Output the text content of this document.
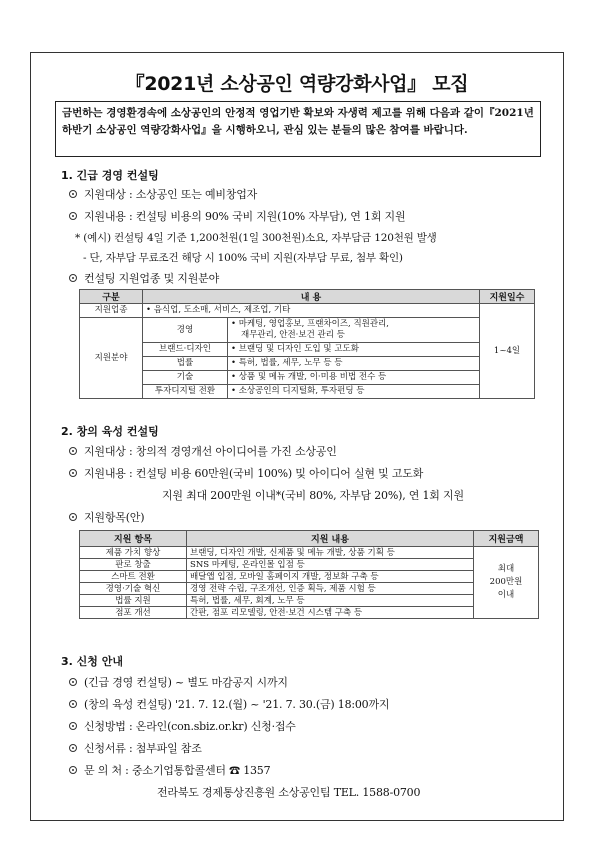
『2021년 소상공인 역량강화사업』 모집
금번하는 경영환경속에 소상공인의 안정적 영업기반 확보와 자생력 제고를 위해 다음과 같이『2021년 하반기 소상공인 역량강화사업』을 시행하오니, 관심 있는 분들의 많은 참여를 바랍니다.
1. 긴급 경영 컨설팅
지원대상 : 소상공인 또는 예비창업자
지원내용 : 컨설팅 비용의 90% 국비 지원(10% 자부담), 연 1회 지원
* (예시) 컨설팅 4일 기준 1,200천원(1일 300천원)소요, 자부담금 120천원 발생
- 단, 자부담 무료조건 해당 시 100% 국비 지원(자부담 무료, 첨부 확인)
컨설팅 지원업종 및 지원분야
구분	내 용		지원일수
지원업종	• 음식업, 도소매, 서비스, 제조업, 기타		1~4일
지원분야	경영	• 마케팅, 영업홍보, 프랜차이즈, 직원관리,
재무관리, 안전·보건 관리 등	
	브랜드·디자인	• 브랜딩 및 디자인 도입 및 고도화	
	법률	• 특허, 법률, 세무, 노무 등 등	
	기술	• 상품 및 메뉴 개발, 이·미용 비법 전수 등	
	투자디지털 전환	• 소상공인의 디지털화, 투자펀딩 등	
2. 창의 육성 컨설팅
지원대상 : 창의적 경영개선 아이디어를 가진 소상공인
지원내용 : 컨설팅 비용 60만원(국비 100%) 및 아이디어 실현 및 고도화
지원 최대 200만원 이내*(국비 80%, 자부담 20%), 연 1회 지원
지원항목(안)
지원 항목	지원 내용	지원금액
제품 가치 향상	브랜딩, 디자인 개발, 신제품 및 메뉴 개발, 상품 기획 등	최대
200만원
이내
판로 창출	SNS 마케팅, 온라인몰 입점 등	
스마트 전환	배달앱 입점, 모바일 홈페이지 개발, 정보화 구축 등	
경영·기술 혁신	경영 전략 수립, 구조개선, 인증 획득, 제품 시험 등	
법률 지원	특허, 법률, 세무, 회계, 노무 등	
점포 개선	간판, 점포 리모델링, 안전·보건 시스템 구축 등	
3. 신청 안내
(긴급 경영 컨설팅) ~ 별도 마감공지 시까지
(창의 육성 컨설팅) '21. 7. 12.(월) ~ '21. 7. 30.(금) 18:00까지
신청방법 : 온라인(con.sbiz.or.kr) 신청·접수
신청서류 : 첨부파일 참조
문 의 처 : 중소기업통합콜센터 ☎ 1357
전라북도 경제통상진흥원 소상공인팀 TEL. 1588-0700
